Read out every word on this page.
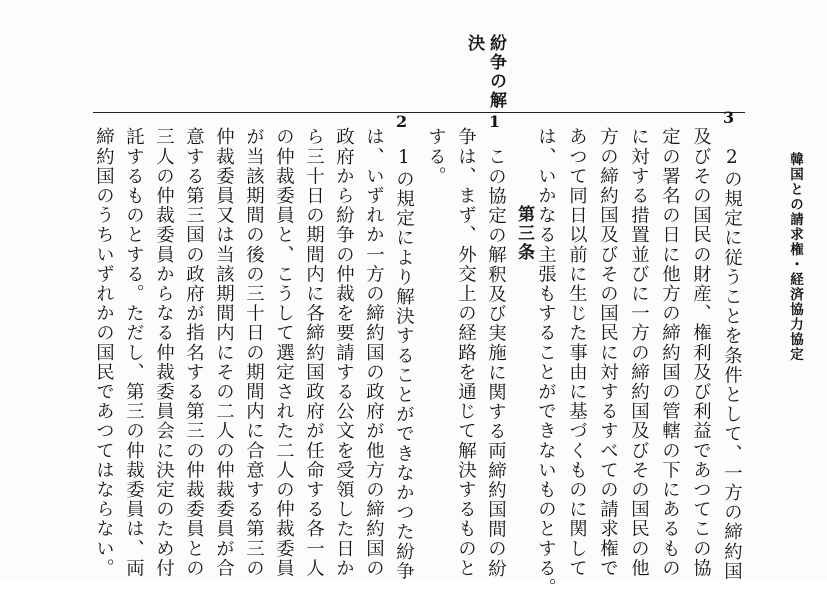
韓国との請求権・経済協力協定
紛争の解
決
3
2の規定に従うことを条件として、一方の締約国
及びその国民の財産、権利及び利益であつてこの協
定の署名の日に他方の締約国の管轄の下にあるもの
に対する措置並びに一方の締約国及びその国民の他
方の締約国及びその国民に対するすべての請求権で
あつて同日以前に生じた事由に基づくものに関して
は、いかなる主張もすることができないものとする。
第三条
1
この協定の解釈及び実施に関する両締約国間の紛
争は、まず、外交上の経路を通じて解決するものと
する。
2
1の規定により解決することができなかつた紛争
は、いずれか一方の締約国の政府が他方の締約国の
政府から紛争の仲裁を要請する公文を受領した日か
ら三十日の期間内に各締約国政府が任命する各一人
の仲裁委員と、こうして選定された二人の仲裁委員
が当該期間の後の三十日の期間内に合意する第三の
仲裁委員又は当該期間内にその二人の仲裁委員が合
意する第三国の政府が指名する第三の仲裁委員との
三人の仲裁委員からなる仲裁委員会に決定のため付
託するものとする。ただし、第三の仲裁委員は、両
締約国のうちいずれかの国民であつてはならない。
